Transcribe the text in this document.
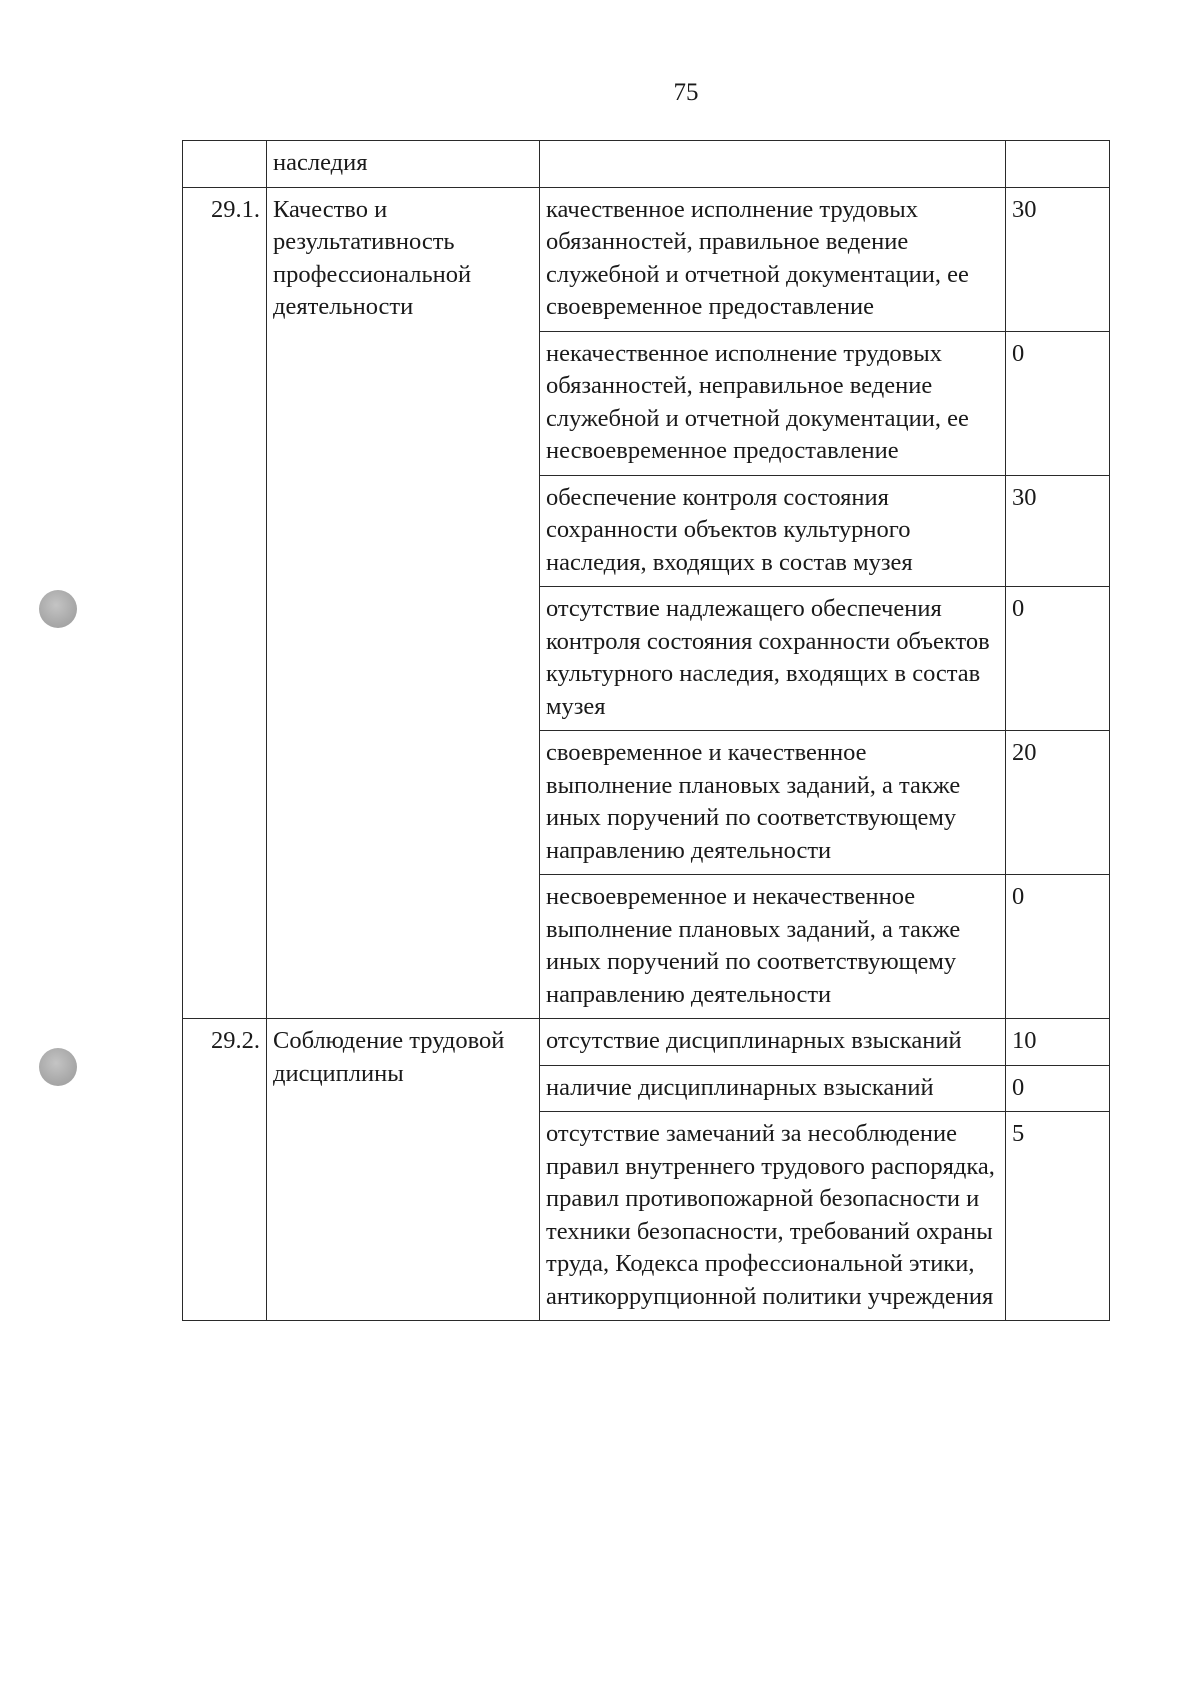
75
	наследия		
29.1.	Качество и результативность профессиональной деятельности	качественное исполнение трудовых обязанностей, правильное ведение служебной и отчетной документации, ее своевременное предоставление	30
		некачественное исполнение трудовых обязанностей, неправильное ведение служебной и отчетной документации, ее несвоевременное предоставление	0
		обеспечение контроля состояния сохранности объектов культурного наследия, входящих в состав музея	30
		отсутствие надлежащего обеспечения контроля состояния сохранности объектов культурного наследия, входящих в состав музея	0
		своевременное и качественное выполнение плановых заданий, а также иных поручений по соответствующему направлению деятельности	20
		несвоевременное и некачественное выполнение плановых заданий, а также иных поручений по соответствующему направлению деятельности	0
29.2.	Соблюдение трудовой дисциплины	отсутствие дисциплинарных взысканий	10
		наличие дисциплинарных взысканий	0
		отсутствие замечаний за несоблюдение правил внутреннего трудового распорядка, правил противопожарной безопасности и техники безопасности, требований охраны труда, Кодекса профессиональной этики, антикоррупционной политики учреждения	5
